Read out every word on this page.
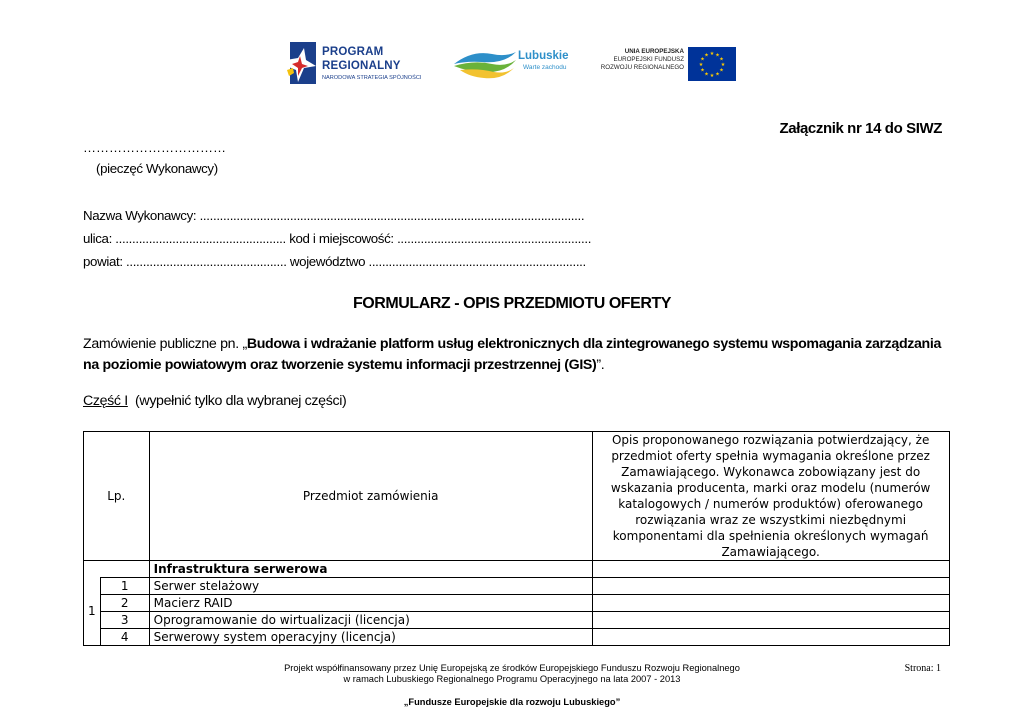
PROGRAM
REGIONALNY
NARODOWA STRATEGIA SPÓJNOŚCI
Lubuskie
Warte zachodu
UNIA EUROPEJSKA
EUROPEJSKI FUNDUSZ
ROZWOJU REGIONALNEGO
★ ★
★
★
★
★
★
★
★
★
★
★
Załącznik nr 14 do SIWZ
……………………………
(pieczęć Wykonawcy)
Nazwa Wykonawcy: ...................................................................................................................
ulica: ................................................... kod i miejscowość: ..........................................................
powiat: ................................................ województwo .................................................................
FORMULARZ - OPIS PRZEDMIOTU OFERTY
Zamówienie publiczne pn. „Budowa i wdrażanie platform usług elektronicznych dla zintegrowanego systemu wspomagania zarządzania na poziomie powiatowym oraz tworzenie systemu informacji przestrzennej (GIS)”.
Część I (wypełnić tylko dla wybranej części)
Lp.		Przedmiot zamówienia	Opis proponowanego rozwiązania potwierdzający, że przedmiot oferty spełnia wymagania określone przez Zamawiającego. Wykonawca zobowiązany jest do wskazania producenta, marki oraz modelu (numerów katalogowych / numerów produktów) oferowanego rozwiązania wraz ze wszystkimi niezbędnymi komponentami dla spełnienia określonych wymagań Zamawiającego.

		Infrastruktura serwerowa	
1	1	Serwer stelażowy	
	2	Macierz RAID	
	3	Oprogramowanie do wirtualizacji (licencja)	
	4	Serwerowy system operacyjny (licencja)	
Projekt współfinansowany przez Unię Europejską ze środków Europejskiego Funduszu Rozwoju Regionalnego
w ramach Lubuskiego Regionalnego Programu Operacyjnego na lata 2007 - 2013
Strona: 1
„Fundusze Europejskie dla rozwoju Lubuskiego”
